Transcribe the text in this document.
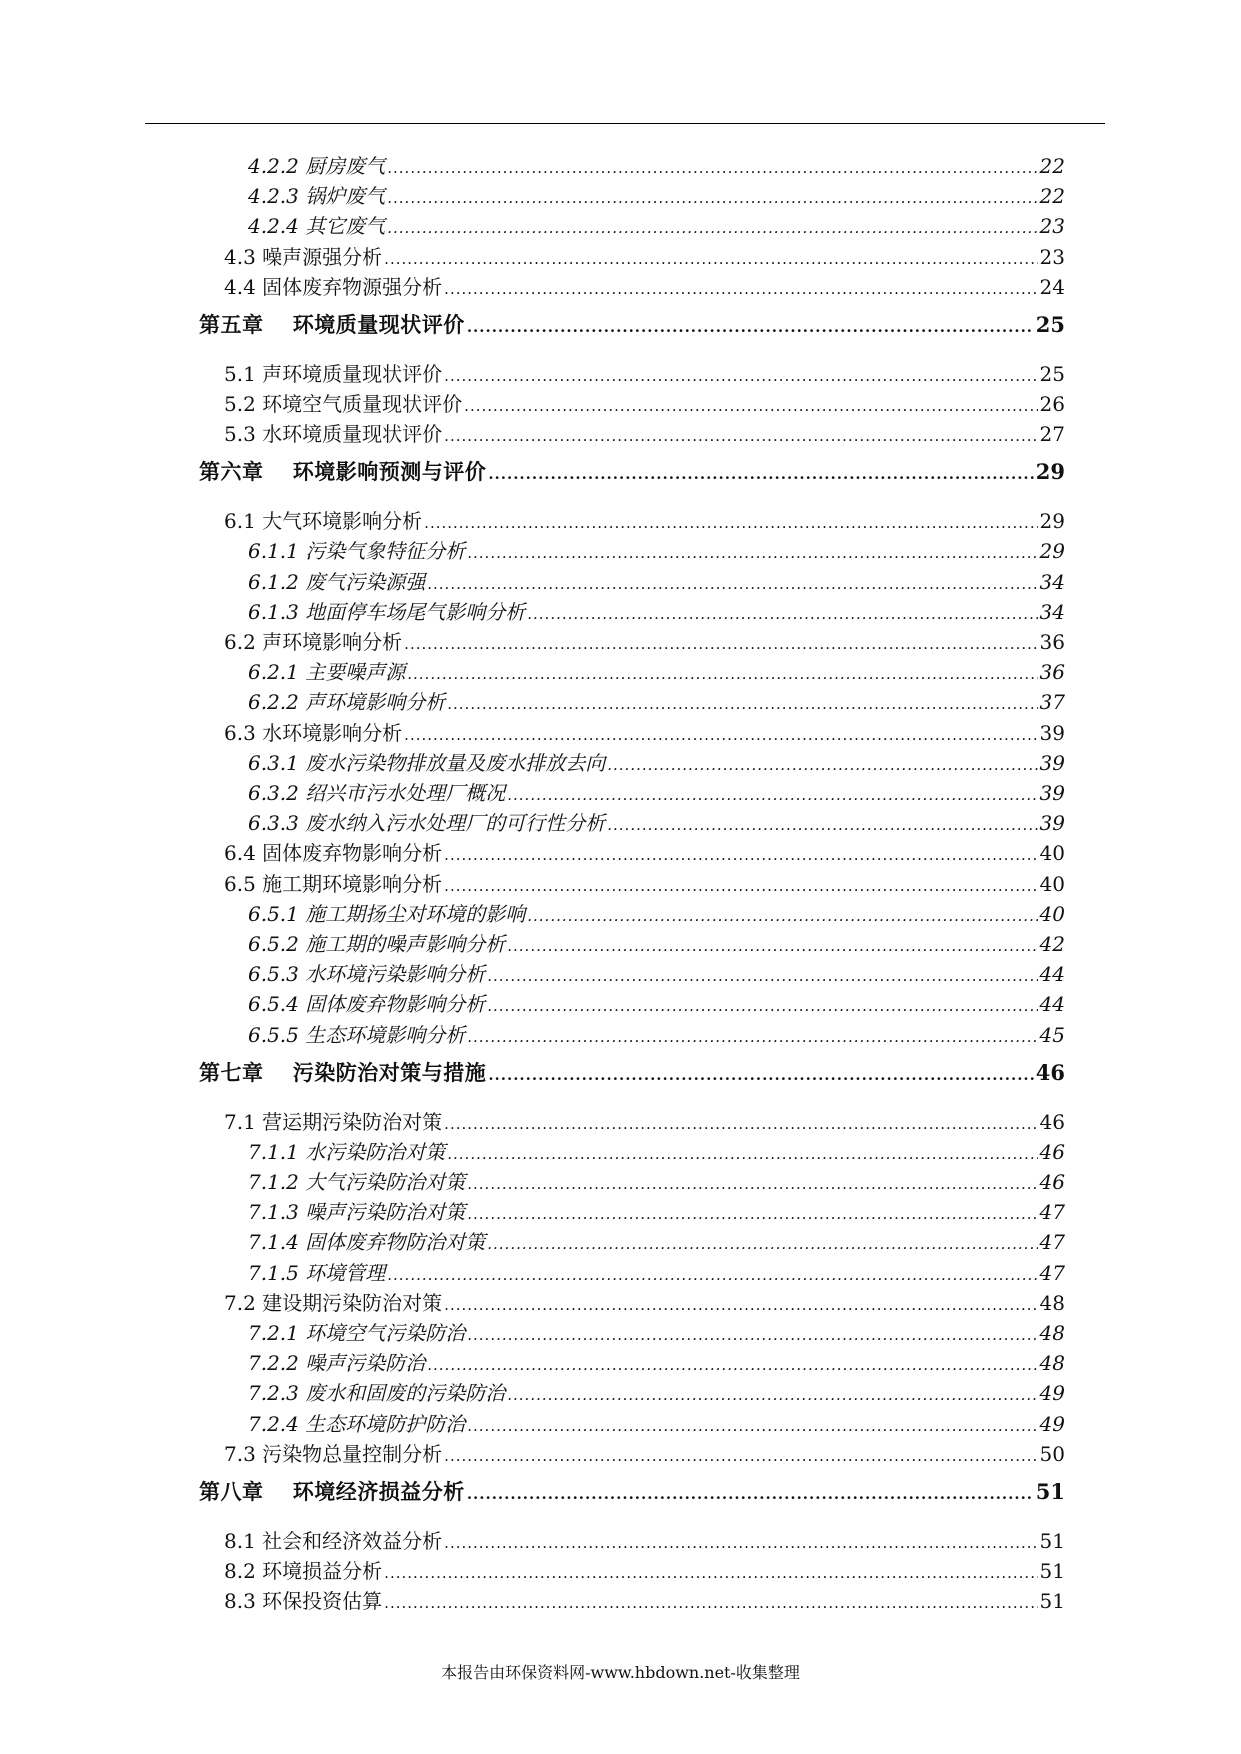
4.2.2 厨房废气 .....	22
4.2.3 锅炉废气 .....	22
4.2.4 其它废气 .....	23
4.3 噪声源强分析 .....	23
4.4 固体废弃物源强分析 .....	24
第五章　 环境质量现状评价 .....	25
5.1 声环境质量现状评价 .....	25
5.2 环境空气质量现状评价 .....	26
5.3 水环境质量现状评价 .....	27
第六章　 环境影响预测与评价 .....	29
6.1 大气环境影响分析 .....	29
6.1.1 污染气象特征分析 .....	29
6.1.2 废气污染源强 .....	34
6.1.3 地面停车场尾气影响分析 .....	34
6.2 声环境影响分析 .....	36
6.2.1 主要噪声源 .....	36
6.2.2 声环境影响分析 .....	37
6.3 水环境影响分析 .....	39
6.3.1 废水污染物排放量及废水排放去向 .....	39
6.3.2 绍兴市污水处理厂概况 .....	39
6.3.3 废水纳入污水处理厂的可行性分析 .....	39
6.4 固体废弃物影响分析 .....	40
6.5 施工期环境影响分析 .....	40
6.5.1 施工期扬尘对环境的影响 .....	40
6.5.2 施工期的噪声影响分析 .....	42
6.5.3 水环境污染影响分析 .....	44
6.5.4 固体废弃物影响分析 .....	44
6.5.5 生态环境影响分析 .....	45
第七章　 污染防治对策与措施 .....	46
7.1 营运期污染防治对策 .....	46
7.1.1 水污染防治对策 .....	46
7.1.2 大气污染防治对策 .....	46
7.1.3 噪声污染防治对策 .....	47
7.1.4 固体废弃物防治对策 .....	47
7.1.5 环境管理 .....	47
7.2 建设期污染防治对策 .....	48
7.2.1 环境空气污染防治 .....	48
7.2.2 噪声污染防治 .....	48
7.2.3 废水和固废的污染防治 .....	49
7.2.4 生态环境防护防治 .....	49
7.3 污染物总量控制分析 .....	50
第八章　 环境经济损益分析 .....	51
8.1 社会和经济效益分析 .....	51
8.2 环境损益分析 .....	51
8.3 环保投资估算 .....	51
本报告由环保资料网-www.hbdown.net-收集整理
